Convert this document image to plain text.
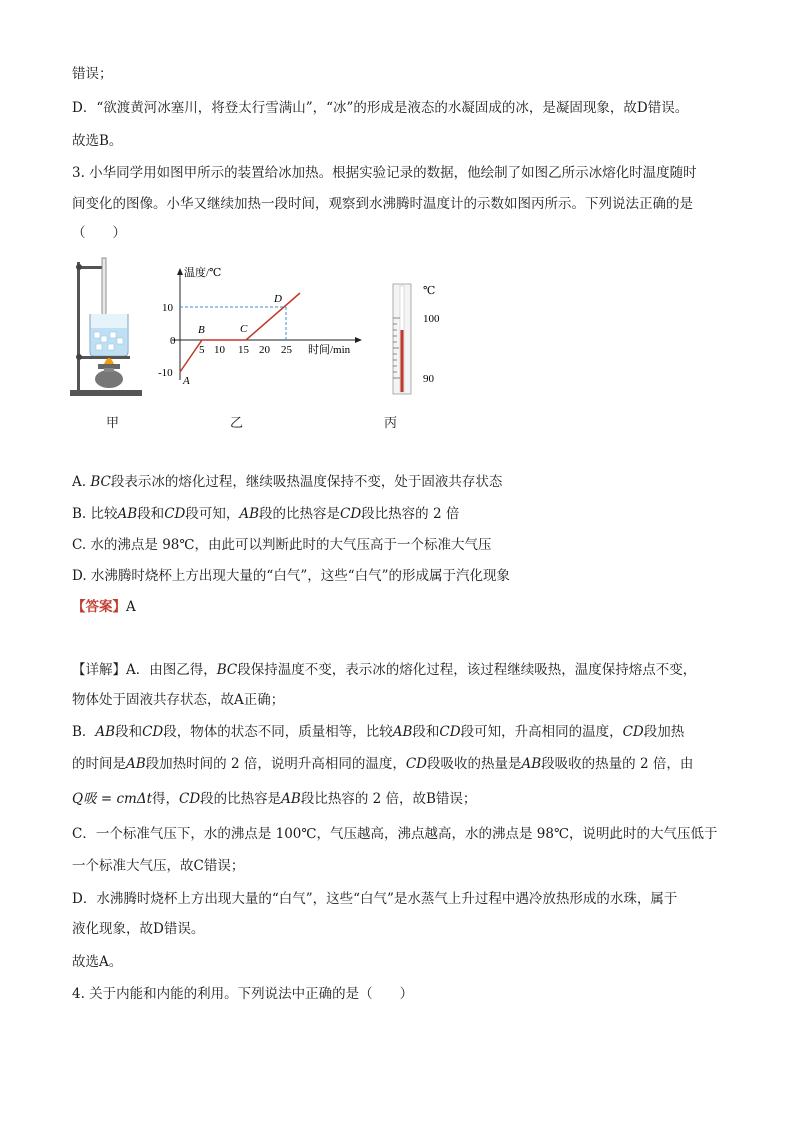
错误；
D．“欲渡黄河冰塞川，将登太行雪满山”，“冰”的形成是液态的水凝固成的冰，是凝固现象，故D错误。
故选B。
3. 小华同学用如图甲所示的装置给冰加热。根据实验记录的数据，他绘制了如图乙所示冰熔化时温度随时
间变化的图像。小华又继续加热一段时间，观察到水沸腾时温度计的示数如图丙所示。下列说法正确的是
（　　）
甲
温度/℃
时间/min
10
0
-10
5 10 15 20 25
A
B	C
D
乙
℃
100
90
丙
A. BC段表示冰的熔化过程，继续吸热温度保持不变，处于固液共存状态
B. 比较AB段和CD段可知，AB段的比热容是CD段比热容的 2 倍
C. 水的沸点是 98℃，由此可以判断此时的大气压高于一个标准大气压
D. 水沸腾时烧杯上方出现大量的“白气”，这些“白气”的形成属于汽化现象
【答案】A
【详解】A．由图乙得，BC段保持温度不变，表示冰的熔化过程，该过程继续吸热，温度保持熔点不变，
物体处于固液共存状态，故A正确；
B．AB段和CD段，物体的状态不同，质量相等，比较AB段和CD段可知，升高相同的温度，CD段加热
的时间是AB段加热时间的 2 倍，说明升高相同的温度，CD段吸收的热量是AB段吸收的热量的 2 倍，由
Q吸 = cmΔt得，CD段的比热容是AB段比热容的 2 倍，故B错误；
C．一个标准气压下，水的沸点是 100℃，气压越高，沸点越高，水的沸点是 98℃，说明此时的大气压低于
一个标准大气压，故C错误；
D．水沸腾时烧杯上方出现大量的“白气”，这些“白气”是水蒸气上升过程中遇冷放热形成的水珠，属于
液化现象，故D错误。
故选A。
4. 关于内能和内能的利用。下列说法中正确的是（　　）
